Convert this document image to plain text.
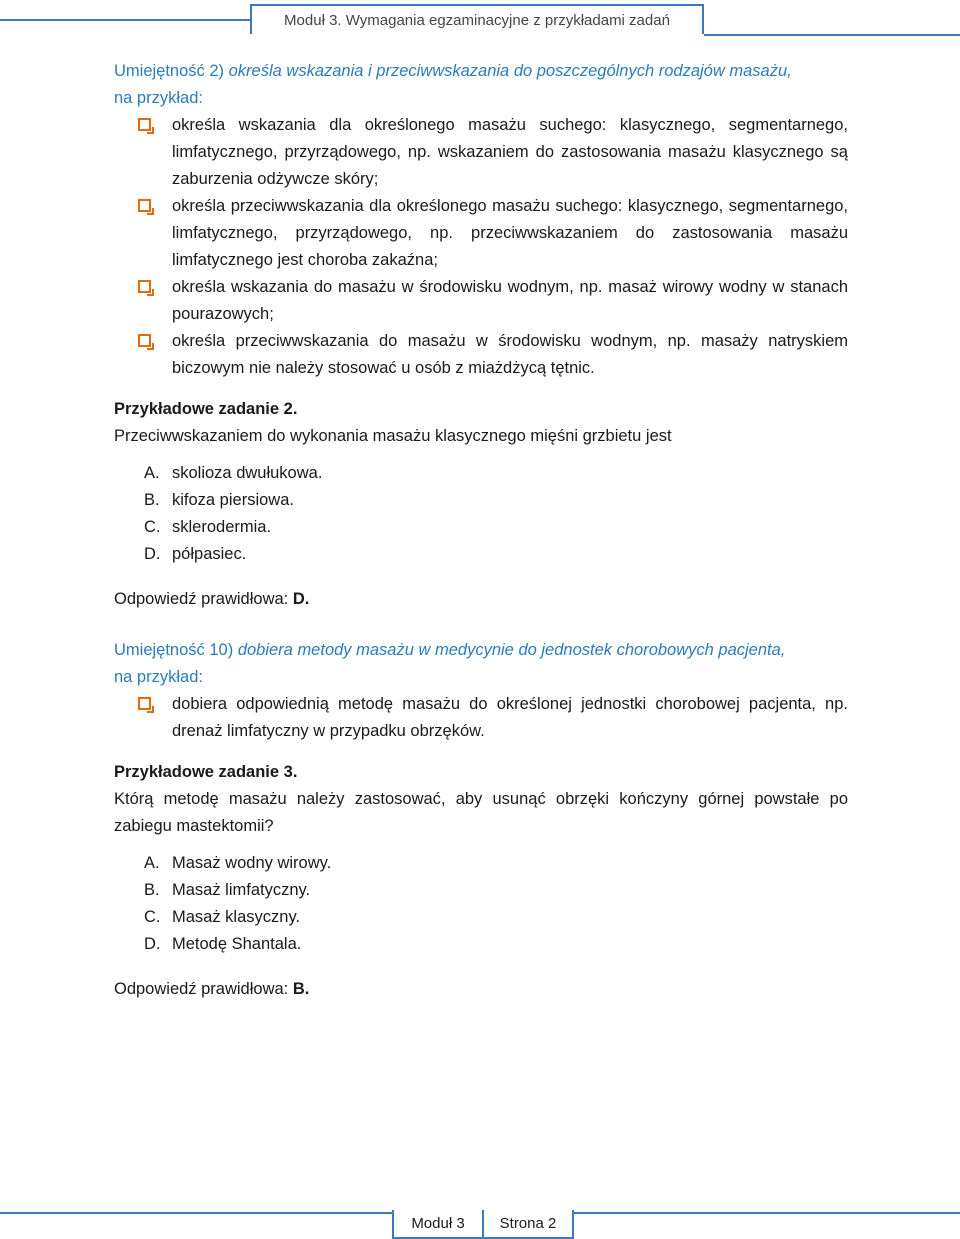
Moduł 3. Wymagania egzaminacyjne z przykładami zadań

Umiejętność 2) określa wskazania i przeciwwskazania do poszczególnych rodzajów masażu,
na przykład:

określa wskazania dla określonego masażu suchego: klasycznego, segmentarnego, limfatycznego, przyrządowego, np. wskazaniem do zastosowania masażu klasycznego są zaburzenia odżywcze skóry;
określa przeciwwskazania dla określonego masażu suchego: klasycznego, segmentarnego, limfatycznego, przyrządowego, np. przeciwwskazaniem do zastosowania masażu limfatycznego jest choroba zakaźna;
określa wskazania do masażu w środowisku wodnym, np. masaż wirowy wodny w stanach pourazowych;
określa przeciwwskazania do masażu w środowisku wodnym, np. masaży natryskiem biczowym nie należy stosować u osób z miażdżycą tętnic.

Przykładowe zadanie 2.

Przeciwwskazaniem do wykonania masażu klasycznego mięśni grzbietu jest

A. skolioza dwułukowa.
B. kifoza piersiowa.
C. sklerodermia.
D. półpasiec.

Odpowiedź prawidłowa: D.

Umiejętność 10) dobiera metody masażu w medycynie do jednostek chorobowych pacjenta,
na przykład:

dobiera odpowiednią metodę masażu do określonej jednostki chorobowej pacjenta, np. drenaż limfatyczny w przypadku obrzęków.

Przykładowe zadanie 3.

Którą metodę masażu należy zastosować, aby usunąć obrzęki kończyny górnej powstałe po zabiegu mastektomii?

A. Masaż wodny wirowy.
B. Masaż limfatyczny.
C. Masaż klasyczny.
D. Metodę Shantala.

Odpowiedź prawidłowa: B.

Moduł 3	Strona 2
